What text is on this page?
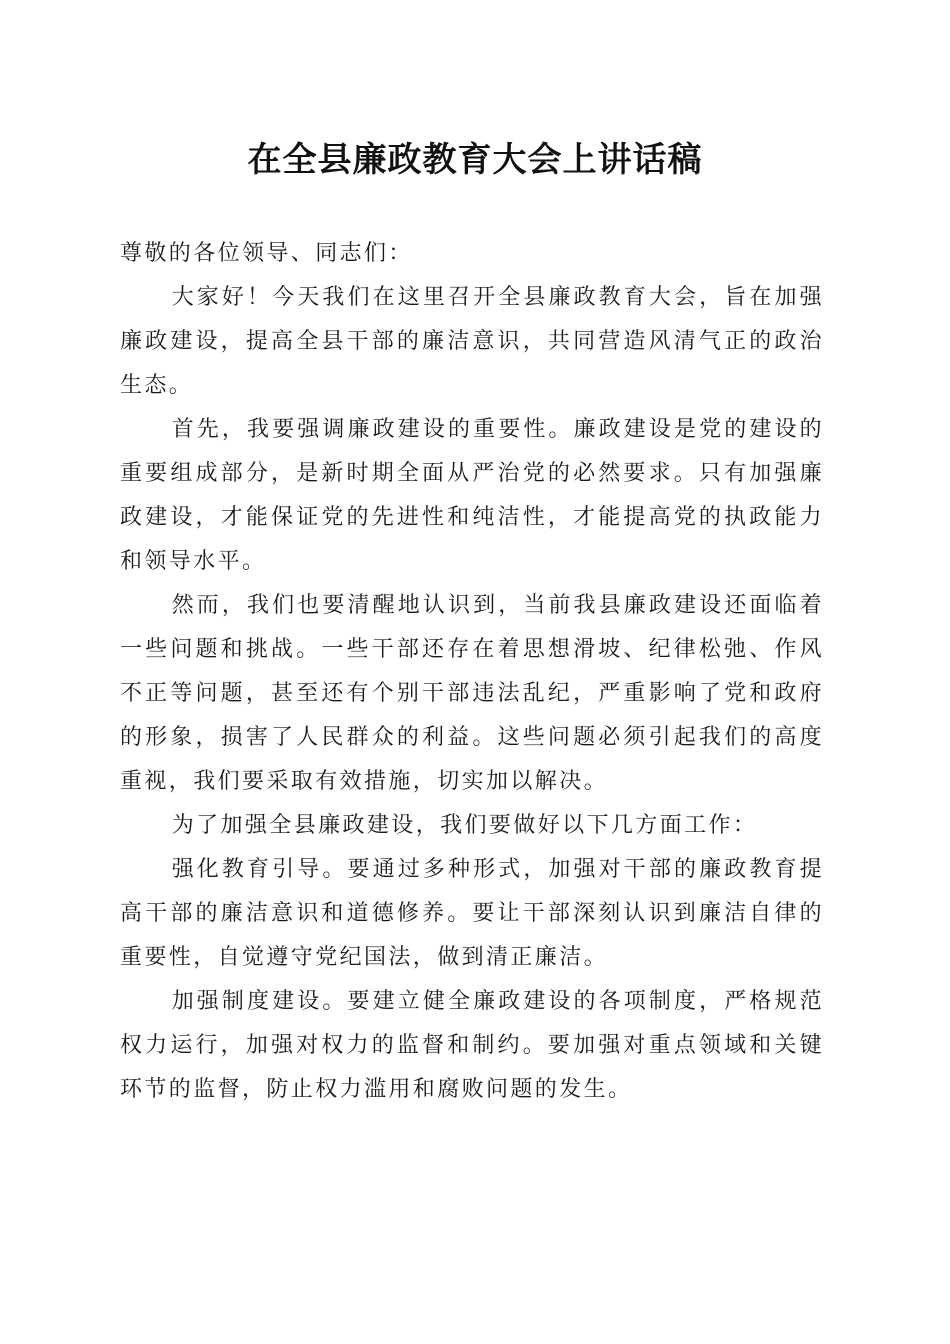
在全县廉政教育大会上讲话稿

尊敬的各位领导、同志们：

大家好！今天我们在这里召开全县廉政教育大会，旨在加强廉政建设，提高全县干部的廉洁意识，共同营造风清气正的政治生态。

首先，我要强调廉政建设的重要性。廉政建设是党的建设的重要组成部分，是新时期全面从严治党的必然要求。只有加强廉政建设，才能保证党的先进性和纯洁性，才能提高党的执政能力和领导水平。

然而，我们也要清醒地认识到，当前我县廉政建设还面临着一些问题和挑战。一些干部还存在着思想滑坡、纪律松弛、作风不正等问题，甚至还有个别干部违法乱纪，严重影响了党和政府的形象，损害了人民群众的利益。这些问题必须引起我们的高度重视，我们要采取有效措施，切实加以解决。

为了加强全县廉政建设，我们要做好以下几方面工作：

强化教育引导。要通过多种形式，加强对干部的廉政教育提高干部的廉洁意识和道德修养。要让干部深刻认识到廉洁自律的重要性，自觉遵守党纪国法，做到清正廉洁。

加强制度建设。要建立健全廉政建设的各项制度，严格规范权力运行，加强对权力的监督和制约。要加强对重点领域和关键环节的监督，防止权力滥用和腐败问题的发生。
